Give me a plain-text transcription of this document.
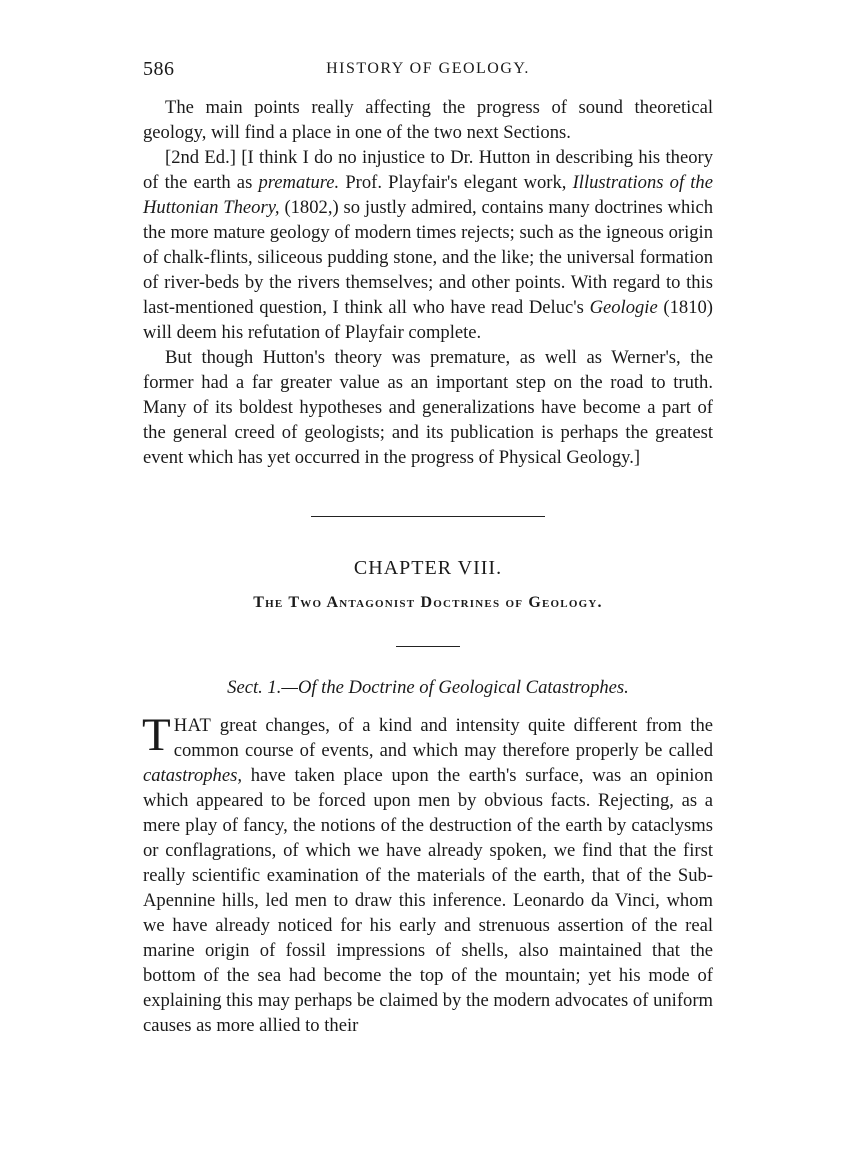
586	HISTORY OF GEOLOGY.

The main points really affecting the progress of sound theoretical geology, will find a place in one of the two next Sections.

[2nd Ed.] [I think I do no injustice to Dr. Hutton in describing his theory of the earth as premature. Prof. Playfair's elegant work, Illustrations of the Huttonian Theory, (1802,) so justly admired, contains many doctrines which the more mature geology of modern times rejects; such as the igneous origin of chalk-flints, siliceous pudding stone, and the like; the universal formation of river-beds by the rivers themselves; and other points. With regard to this last-mentioned question, I think all who have read Deluc's Geologie (1810) will deem his refutation of Playfair complete.

But though Hutton's theory was premature, as well as Werner's, the former had a far greater value as an important step on the road to truth. Many of its boldest hypotheses and generalizations have become a part of the general creed of geologists; and its publication is perhaps the greatest event which has yet occurred in the progress of Physical Geology.]

CHAPTER VIII.
The Two Antagonist Doctrines of Geology.
Sect. 1.—Of the Doctrine of Geological Catastrophes.

THAT great changes, of a kind and intensity quite different from the common course of events, and which may therefore properly be called catastrophes, have taken place upon the earth's surface, was an opinion which appeared to be forced upon men by obvious facts. Rejecting, as a mere play of fancy, the notions of the destruction of the earth by cataclysms or conflagrations, of which we have already spoken, we find that the first really scientific examination of the materials of the earth, that of the Sub-Apennine hills, led men to draw this inference. Leonardo da Vinci, whom we have already noticed for his early and strenuous assertion of the real marine origin of fossil impressions of shells, also maintained that the bottom of the sea had become the top of the mountain; yet his mode of explaining this may perhaps be claimed by the modern advocates of uniform causes as more allied to their
